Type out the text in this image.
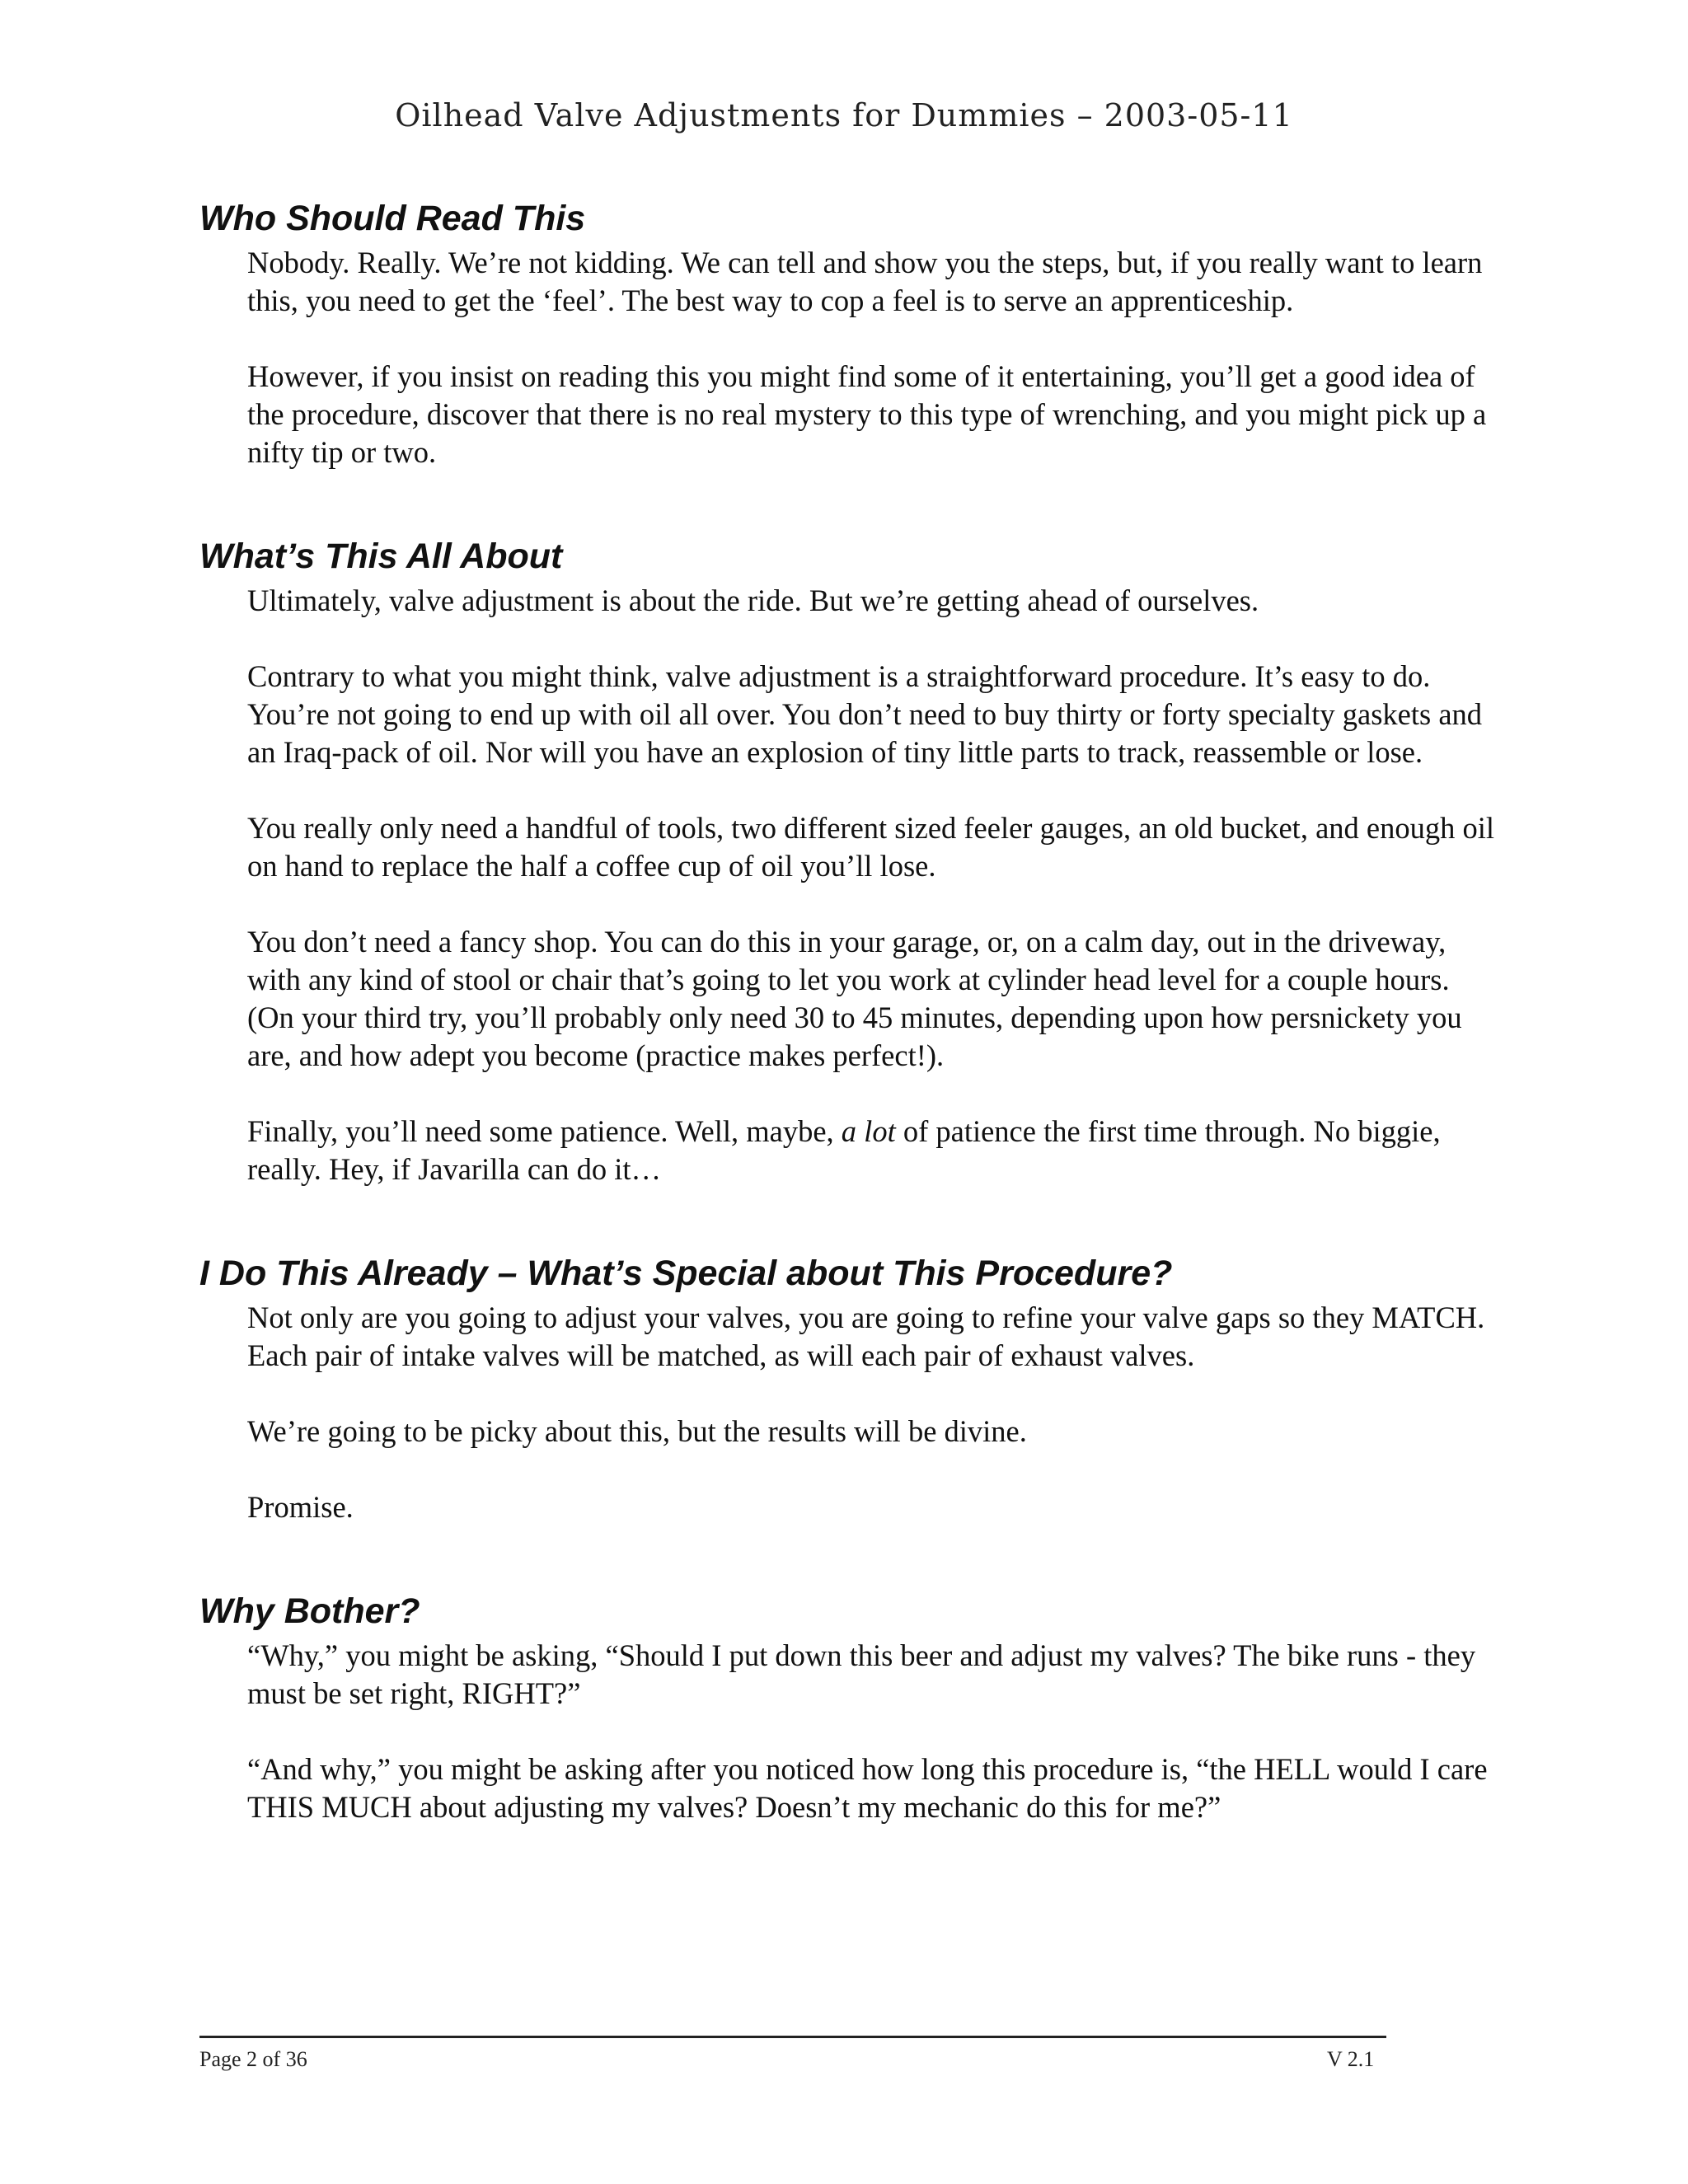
Oilhead Valve Adjustments for Dummies – 2003-05-11
Who Should Read This

Nobody. Really. We’re not kidding. We can tell and show you the steps, but, if you really want to learn this, you need to get the ‘feel’. The best way to cop a feel is to serve an apprenticeship.

However, if you insist on reading this you might find some of it entertaining, you’ll get a good idea of the procedure, discover that there is no real mystery to this type of wrenching, and you might pick up a nifty tip or two.

What’s This All About

Ultimately, valve adjustment is about the ride. But we’re getting ahead of ourselves.

Contrary to what you might think, valve adjustment is a straightforward procedure. It’s easy to do. You’re not going to end up with oil all over. You don’t need to buy thirty or forty specialty gaskets and an Iraq-pack of oil. Nor will you have an explosion of tiny little parts to track, reassemble or lose.

You really only need a handful of tools, two different sized feeler gauges, an old bucket, and enough oil on hand to replace the half a coffee cup of oil you’ll lose.

You don’t need a fancy shop. You can do this in your garage, or, on a calm day, out in the driveway, with any kind of stool or chair that’s going to let you work at cylinder head level for a couple hours. (On your third try, you’ll probably only need 30 to 45 minutes, depending upon how persnickety you are, and how adept you become (practice makes perfect!).

Finally, you’ll need some patience. Well, maybe, a lot of patience the first time through. No biggie, really. Hey, if Javarilla can do it…

I Do This Already – What’s Special about This Procedure?

Not only are you going to adjust your valves, you are going to refine your valve gaps so they MATCH. Each pair of intake valves will be matched, as will each pair of exhaust valves.

We’re going to be picky about this, but the results will be divine.

Promise.

Why Bother?

“Why,” you might be asking, “Should I put down this beer and adjust my valves? The bike runs - they must be set right, RIGHT?”

“And why,” you might be asking after you noticed how long this procedure is, “the HELL would I care THIS MUCH about adjusting my valves? Doesn’t my mechanic do this for me?”

Page 2 of 36	V 2.1
